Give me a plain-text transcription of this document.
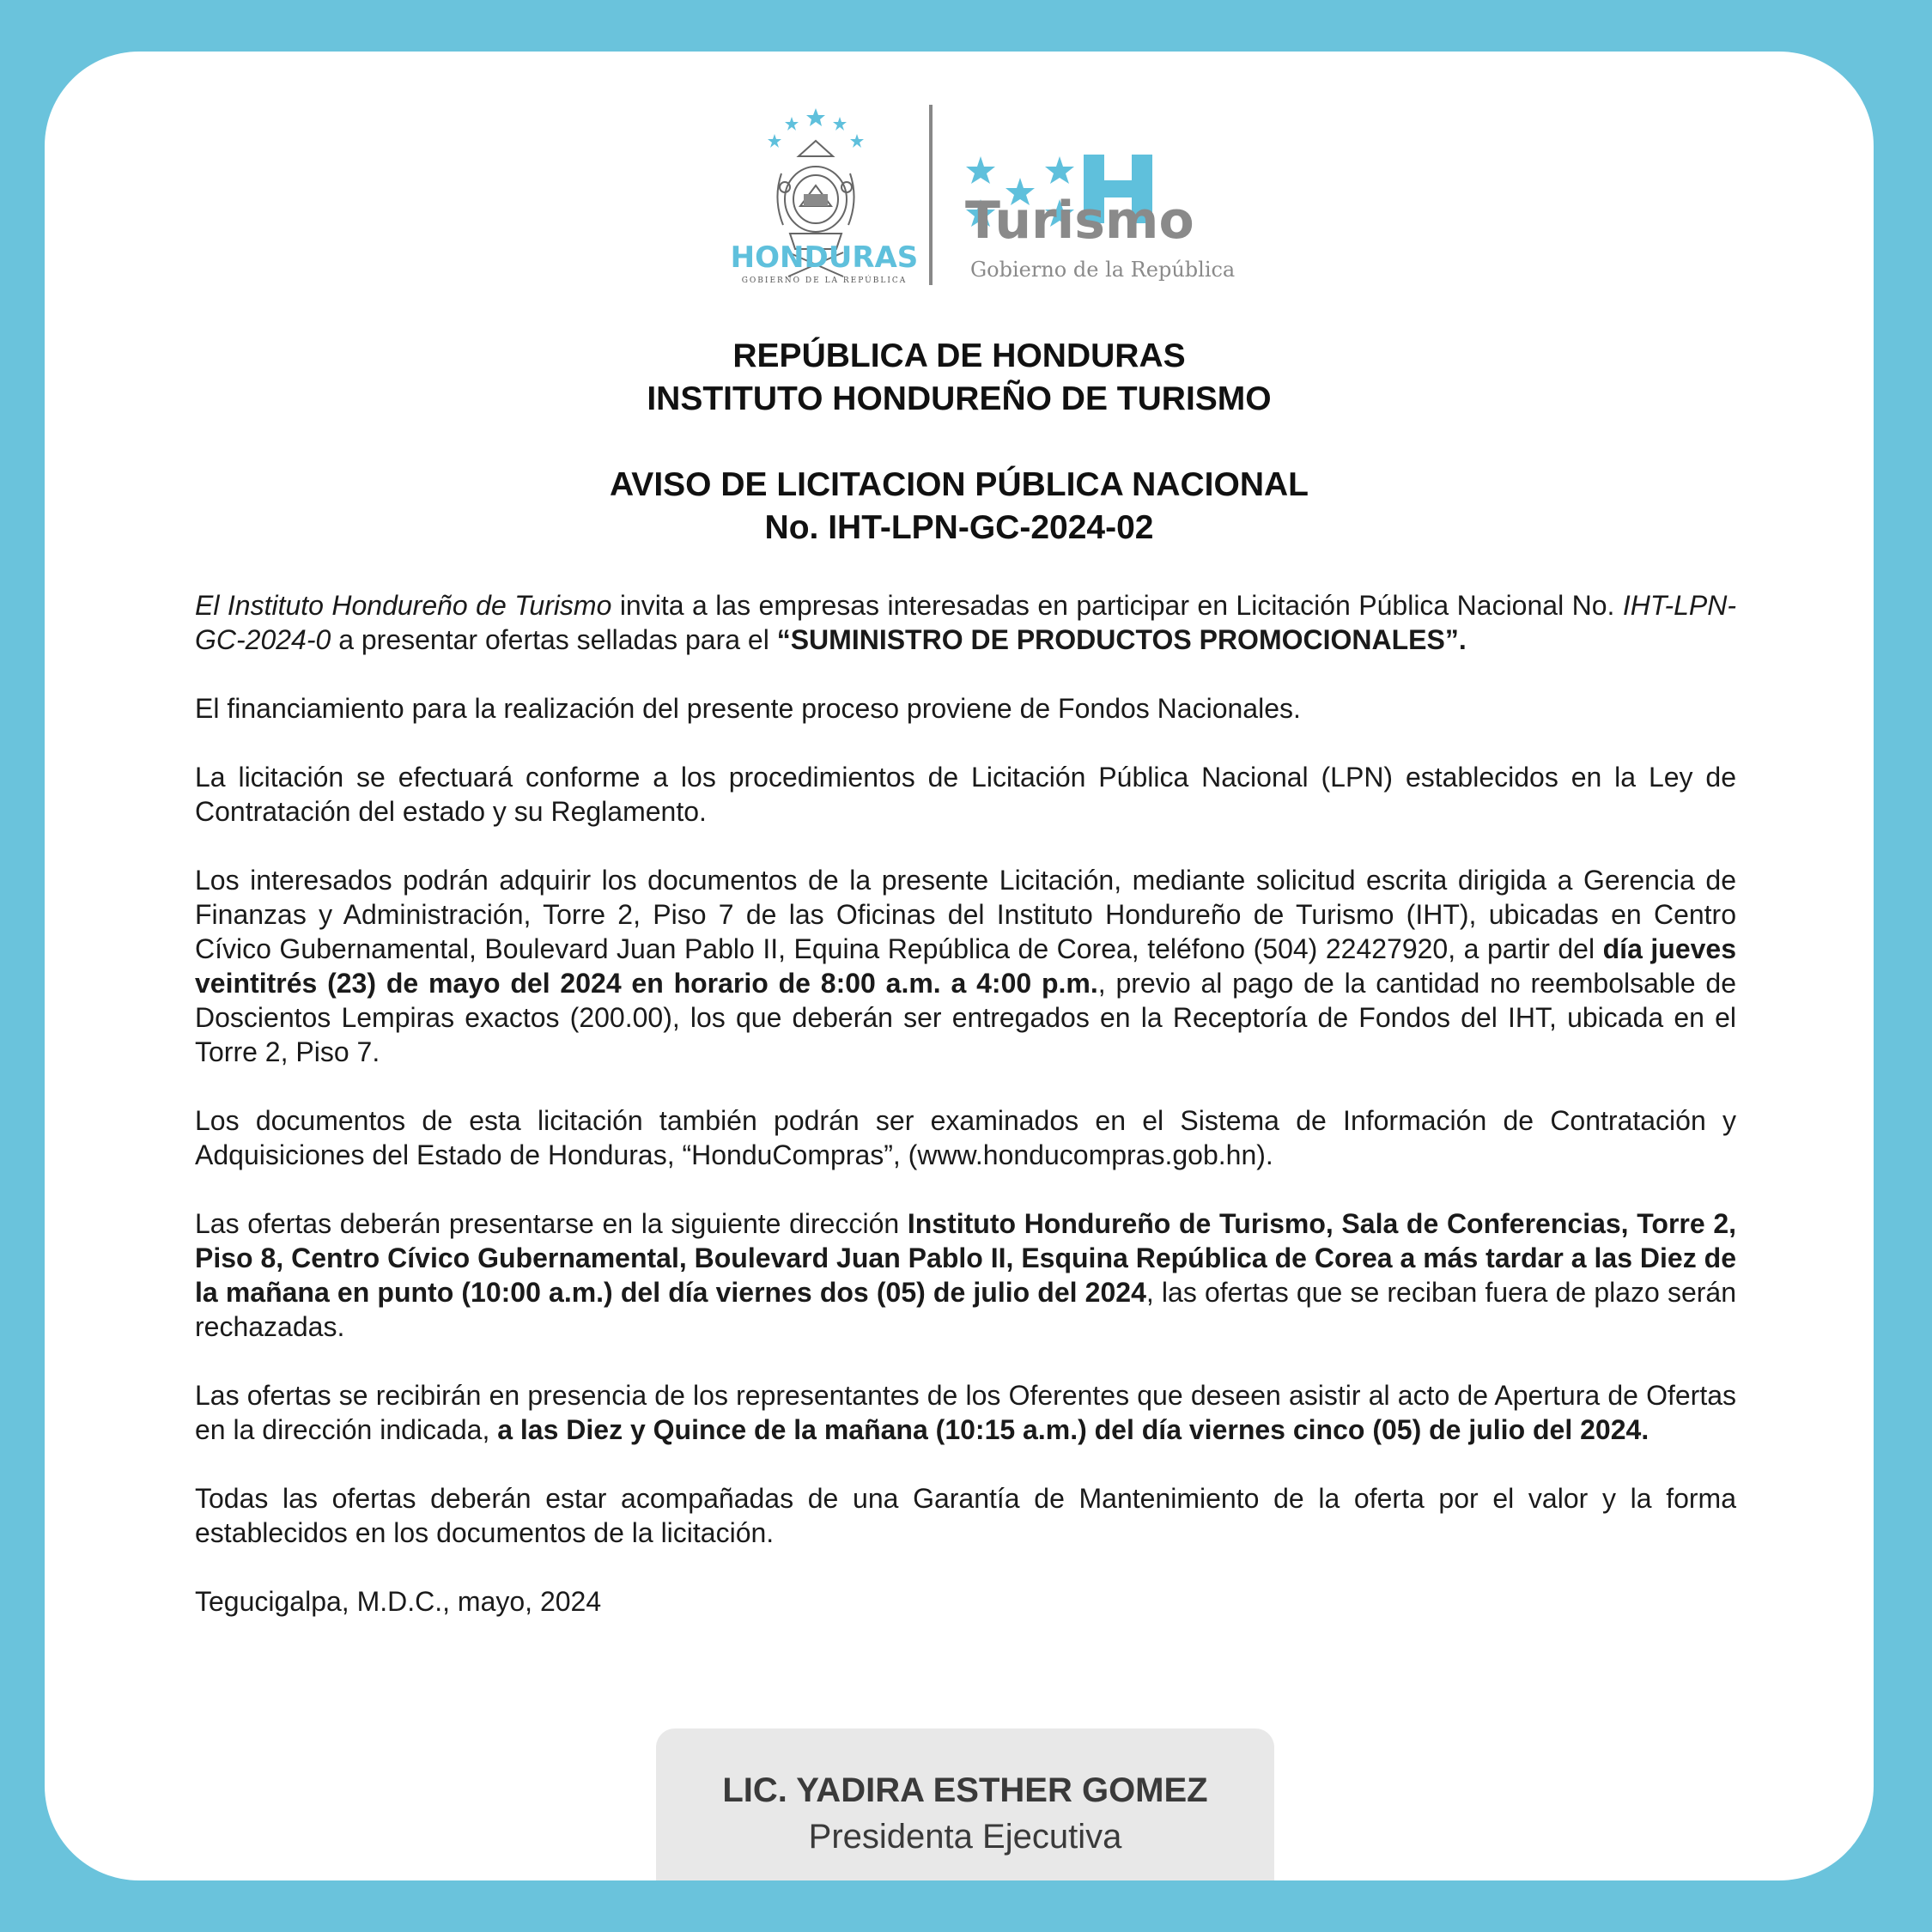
HONDURAS
GOBIERNO DE LA REPÚBLICA
Turismo
Gobierno de la República
REPÚBLICA DE HONDURAS
INSTITUTO HONDUREÑO DE TURISMO
AVISO DE LICITACION PÚBLICA NACIONAL
No. IHT-LPN-GC-2024-02

El Instituto Hondureño de Turismo invita a las empresas interesadas en participar en Licitación Pública Nacional No. IHT-LPN-GC-2024-0 a presentar ofertas selladas para el “SUMINISTRO DE PRODUCTOS PROMOCIONALES”.

El financiamiento para la realización del presente proceso proviene de Fondos Nacionales.

La licitación se efectuará conforme a los procedimientos de Licitación Pública Nacional (LPN) establecidos en la Ley de Contratación del estado y su Reglamento.

Los interesados podrán adquirir los documentos de la presente Licitación, mediante solicitud escrita dirigida a Gerencia de Finanzas y Administración, Torre 2, Piso 7 de las Oficinas del Instituto Hondureño de Turismo (IHT), ubicadas en Centro Cívico Gubernamental, Boulevard Juan Pablo II, Equina República de Corea, teléfono (504) 22427920, a partir del día jueves veintitrés (23) de mayo del 2024 en horario de 8:00 a.m. a 4:00 p.m., previo al pago de la cantidad no reembolsable de Doscientos Lempiras exactos (200.00), los que deberán ser entregados en la Receptoría de Fondos del IHT, ubicada en el Torre 2, Piso 7.

Los documentos de esta licitación también podrán ser examinados en el Sistema de Información de Contratación y Adquisiciones del Estado de Honduras, “HonduCompras”, (www.honducompras.gob.hn).

Las ofertas deberán presentarse en la siguiente dirección Instituto Hondureño de Turismo, Sala de Conferencias, Torre 2, Piso 8, Centro Cívico Gubernamental, Boulevard Juan Pablo II, Esquina República de Corea a más tardar a las Diez de la mañana en punto (10:00 a.m.) del día viernes dos (05) de julio del 2024, las ofertas que se reciban fuera de plazo serán rechazadas.

Las ofertas se recibirán en presencia de los representantes de los Oferentes que deseen asistir al acto de Apertura de Ofertas en la dirección indicada, a las Diez y Quince de la mañana (10:15 a.m.) del día viernes cinco (05) de julio del 2024.

Todas las ofertas deberán estar acompañadas de una Garantía de Mantenimiento de la oferta por el valor y la forma establecidos en los documentos de la licitación.

Tegucigalpa, M.D.C., mayo, 2024

LIC. YADIRA ESTHER GOMEZ
Presidenta Ejecutiva
